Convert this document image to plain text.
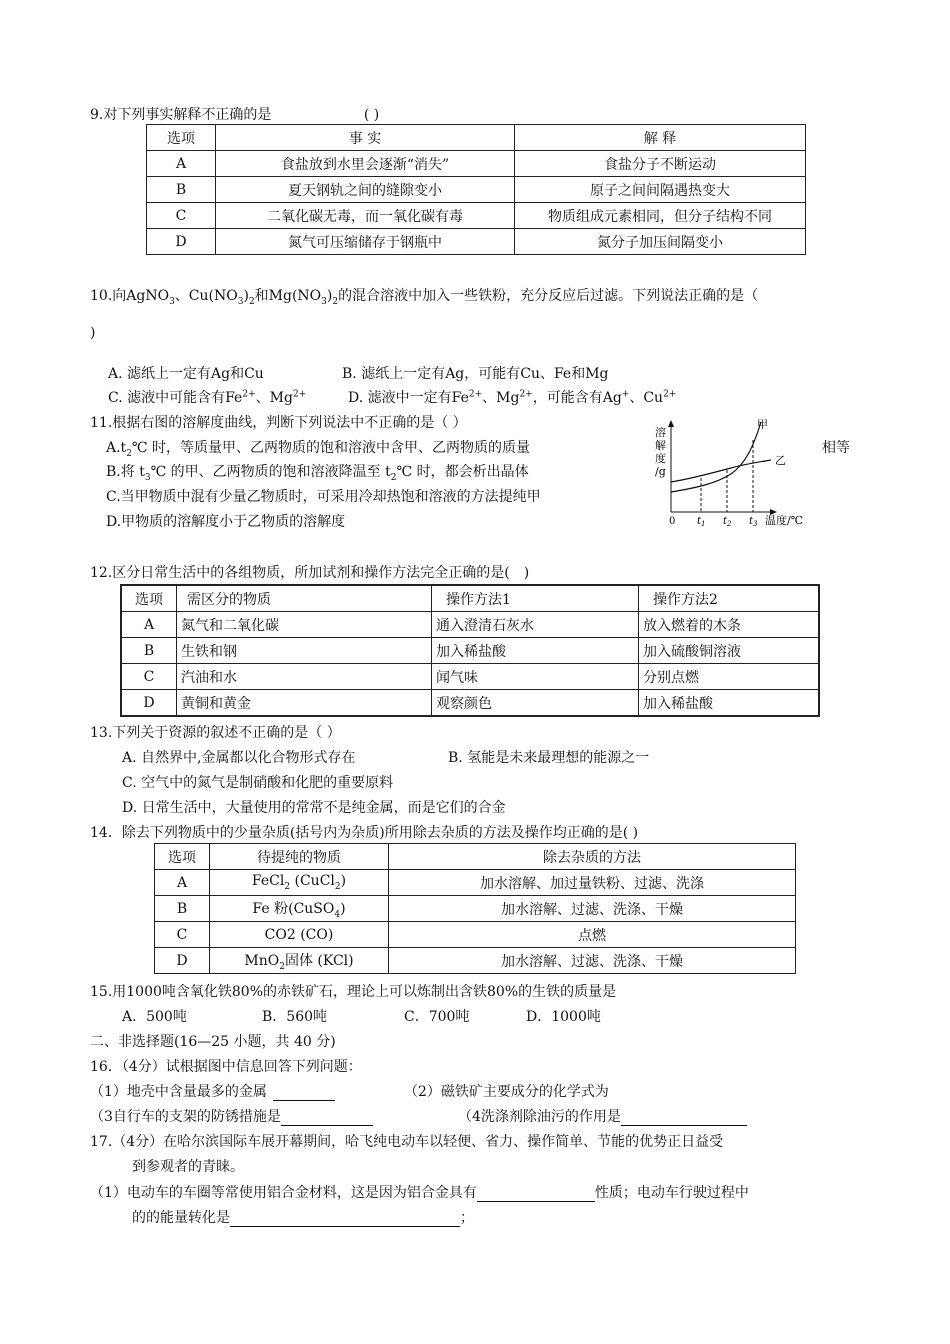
9.对下列事实解释不正确的是	( )
选项	事 实	解 释
A	食盐放到水里会逐渐“消失”	食盐分子不断运动
B	夏天钢轨之间的缝隙变小	原子之间间隔遇热变大
C	二氧化碳无毒，而一氧化碳有毒	物质组成元素相同，但分子结构不同
D	氮气可压缩储存于钢瓶中	氮分子加压间隔变小
10.向AgNO$_3$、$Cu(NO_3)_2$和$Mg(NO_3)_2$的混合溶液中加入一些铁粉，充分反应后过滤。下列说法正确的是（
)
A. 滤纸上一定有Ag和Cu	B. 滤纸上一定有Ag，可能有Cu、Fe和Mg
C. 滤液中可能含有$Fe^{2+}$、$Mg^{2+}$	D. 滤液中一定有$Fe^{2+}$、$Mg^{2+}$，可能含有Ag+、$Cu^{2+}$
11.根据右图的溶解度曲线，判断下列说法中不正确的是（ ）
$A.t_2℃$ 时，等质量甲、乙两物质的饱和溶液中含甲、乙两物质的质量	相等
B.将 $t_3℃$ 的甲、乙两物质的饱和溶液降温至 $t_2℃$ 时，都会析出晶体
C.当甲物质中混有少量乙物质时，可采用冷却热饱和溶液的方法提纯甲
D.甲物质的溶解度小于乙物质的溶解度
溶
解
度
/g
0 $t_1$ $t_2$ $t_3$ 温度/℃
甲
乙
12.区分日常生活中的各组物质，所加试剂和操作方法完全正确的是( )
选项	需区分的物质	操作方法1	操作方法2
A	氮气和二氧化碳	通入澄清石灰水	放入燃着的木条
B	生铁和钢	加入稀盐酸	加入硫酸铜溶液
C	汽油和水	闻气味	分别点燃
D	黄铜和黄金	观察颜色	加入稀盐酸
13.下列关于资源的叙述不正确的是（ ）
A. 自然界中,金属都以化合物形式存在	B. 氢能是未来最理想的能源之一
C. 空气中的氮气是制硝酸和化肥的重要原料
D. 日常生活中，大量使用的常常不是纯金属，而是它们的合金
14．除去下列物质中的少量杂质(括号内为杂质)所用除去杂质的方法及操作均正确的是( )
选项	待提纯的物质	除去杂质的方法
A	FeCl$_2$ (CuCl$_2$)	加水溶解、加过量铁粉、过滤、洗涤
B	Fe 粉(CuSO$_4$)	加水溶解、过滤、洗涤、干燥
C	CO2 (CO)	点燃
D	MnO$_2$固体 (KCl)	加水溶解、过滤、洗涤、干燥
15.用1000吨含氧化铁80%的赤铁矿石，理论上可以炼制出含铁80%的生铁的质量是
A．500吨	B．560吨	C．700吨	D．1000吨
二、非选择题(16—25 小题，共 40 分)
16．（4分）试根据图中信息回答下列问题：
（1）地壳中含量最多的金属	（2）磁铁矿主要成分的化学式为
（3自行车的支架的防锈措施是	（4洗涤剂除油污的作用是
17.（4分）在哈尔滨国际车展开幕期间，哈飞纯电动车以轻便、省力、操作简单、节能的优势正日益受
到参观者的青睐。
（1）电动车的车圈等常使用铝合金材料，这是因为铝合金具有	性质；电动车行驶过程中
的的能量转化是	；
